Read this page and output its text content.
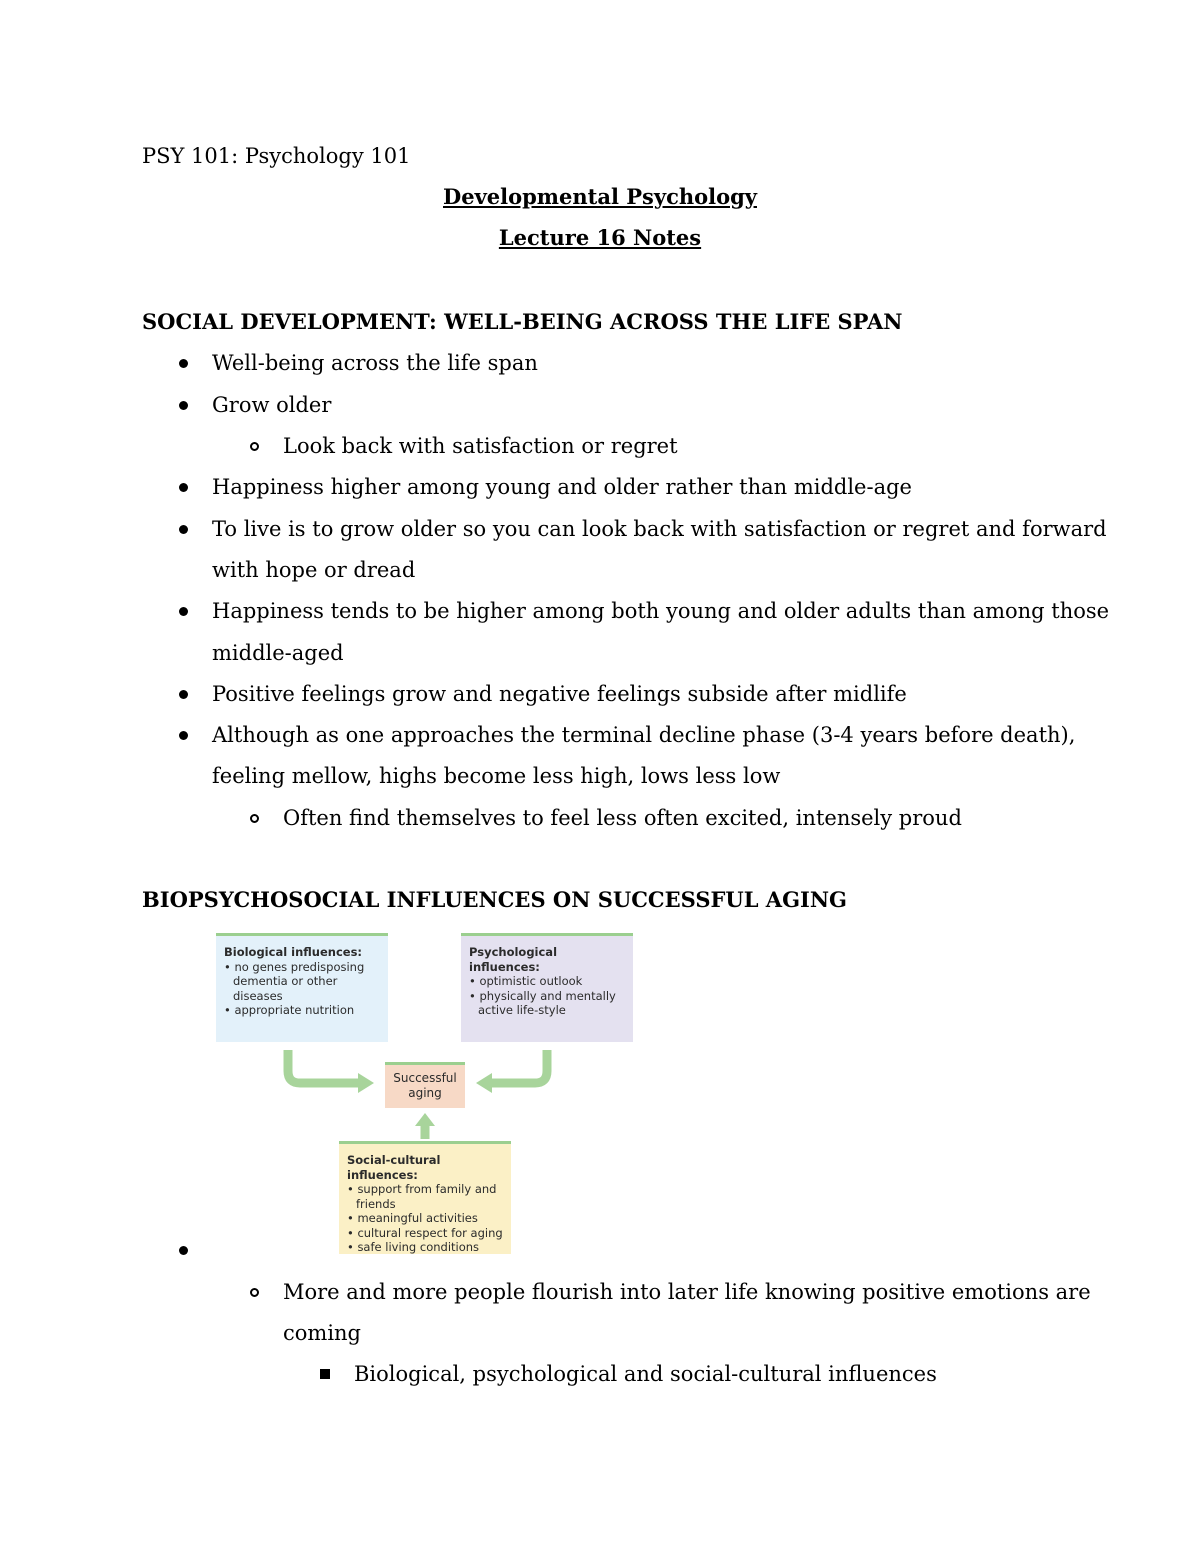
PSY 101: Psychology 101
Developmental Psychology
Lecture 16 Notes
SOCIAL DEVELOPMENT: WELL-BEING ACROSS THE LIFE SPAN
Well-being across the life span
Grow older
Look back with satisfaction or regret
Happiness higher among young and older rather than middle-age
To live is to grow older so you can look back with satisfaction or regret and forward
with hope or dread
Happiness tends to be higher among both young and older adults than among those
middle-aged
Positive feelings grow and negative feelings subside after midlife
Although as one approaches the terminal decline phase (3-4 years before death),
feeling mellow, highs become less high, lows less low
Often find themselves to feel less often excited, intensely proud
BIOPSYCHOSOCIAL INFLUENCES ON SUCCESSFUL AGING
Biological influences:
• no genes predisposing dementia or other diseases
• appropriate nutrition
Psychological influences:
• optimistic outlook
• physically and mentally active life-style
Successful aging
Social-cultural influences:
• support from family and friends
• meaningful activities
• cultural respect for aging
• safe living conditions
More and more people flourish into later life knowing positive emotions are
coming
Biological, psychological and social-cultural influences
